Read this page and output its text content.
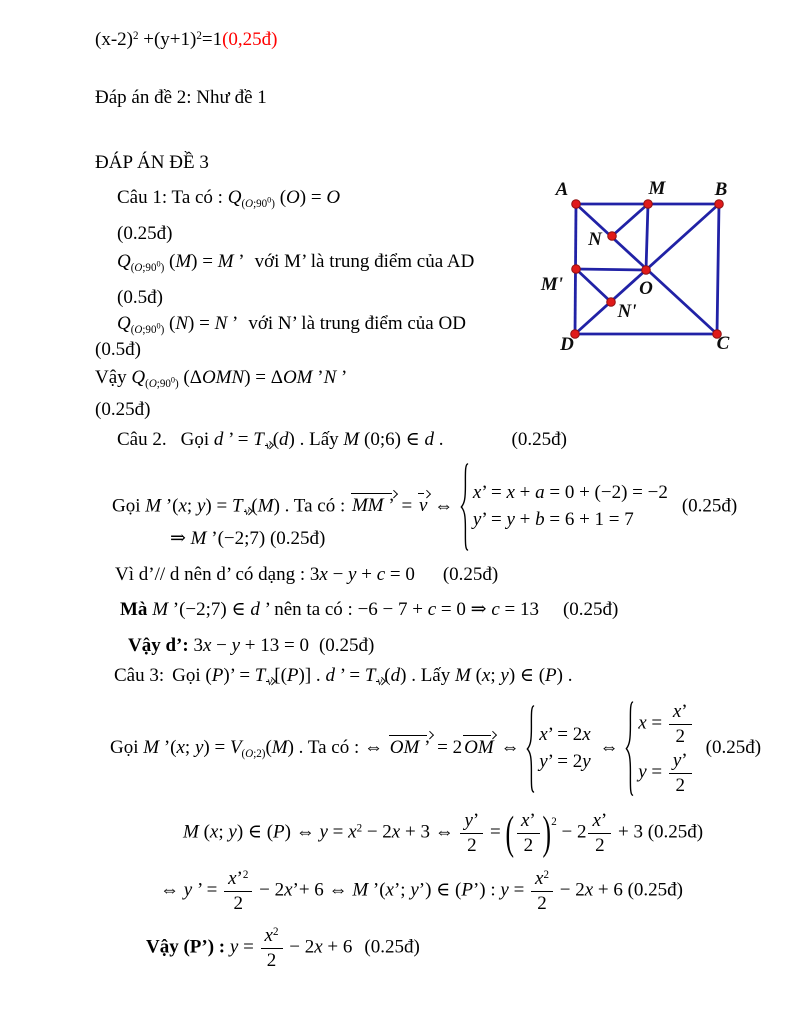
$(x-2)^2$ $+(y+1)^2=1(0,25đ)$
Đáp án đề 2: Như đề 1
ĐÁP ÁN ĐỀ 3
Câu 1: Ta có : $Q_{(O;90^0)}$ (O) = O
(0.25đ)
$Q_{(O;90^0)}$ (M) = M ’ với M’ là trung điểm của AD
(0.5đ)
$Q_{(O;90^0)}$ (N) = N ’ với N’ là trung điểm của OD
(0.5đ)
Vậy $Q_{(O;90^0)}$ (ΔOMN) = ΔOM ’N ’
(0.25đ)
Câu 2. Gọi d ’ = T $_v$ (d) . Lấy M (0;6) ∈ d .	(0.25đ)
Gọi M ’(x; y) = T $_v$ (M) . Ta có : MM ’ = v ⇔
x’ = x + a = 0 + (−2) = −2
y’ = y + b = 6 + 1 = 7
(0.25đ)
⇒ M ’(−2;7) (0.25đ)
Vì d’// d nên d’ có dạng : 3x − y + c = 0 (0.25đ)
Mà M ’(−2;7) ∈ d ’ nên ta có : −6 − 7 + c = 0 ⇒ c = 13 (0.25đ)
Vậy d’: 3x − y + 13 = 0 (0.25đ)
Câu 3: Gọi (P)’ = T $_v$ [(P)] . d ’ = T $_v$ (d) . Lấy M (x; y) ∈ (P) .
Gọi M ’(x; $y) = V_{(O;2)}(M)$ . Ta có : ⇔ OM ’ = 2 OM ⇔
x’ = 2x
y’ = 2y
⇔
$x = \frac{x’}{2}$
$y = \frac{y’}{2}$
(0.25đ)
M (x; y) ∈ (P) ⇔ $y = x^2 - 2x + 3$ ⇔ $\frac{y’}{2}$ = ( $\frac{x’}{2} )^2 - 2 \frac{x’}{2} + 3$ (0.25đ)
⇔ y ’ = $\frac{x’^2}{2}$ − 2x’+ 6 ⇔ M ’(x’; y’) ∈ (P’) : $y = \frac{x^2}{2} - 2x + 6$ (0.25đ)
Vậy (P’) : $y = \frac{x^2}{2} - 2x + 6$ (0.25đ)
A	M	B
N
M'	O
N'
D	C
